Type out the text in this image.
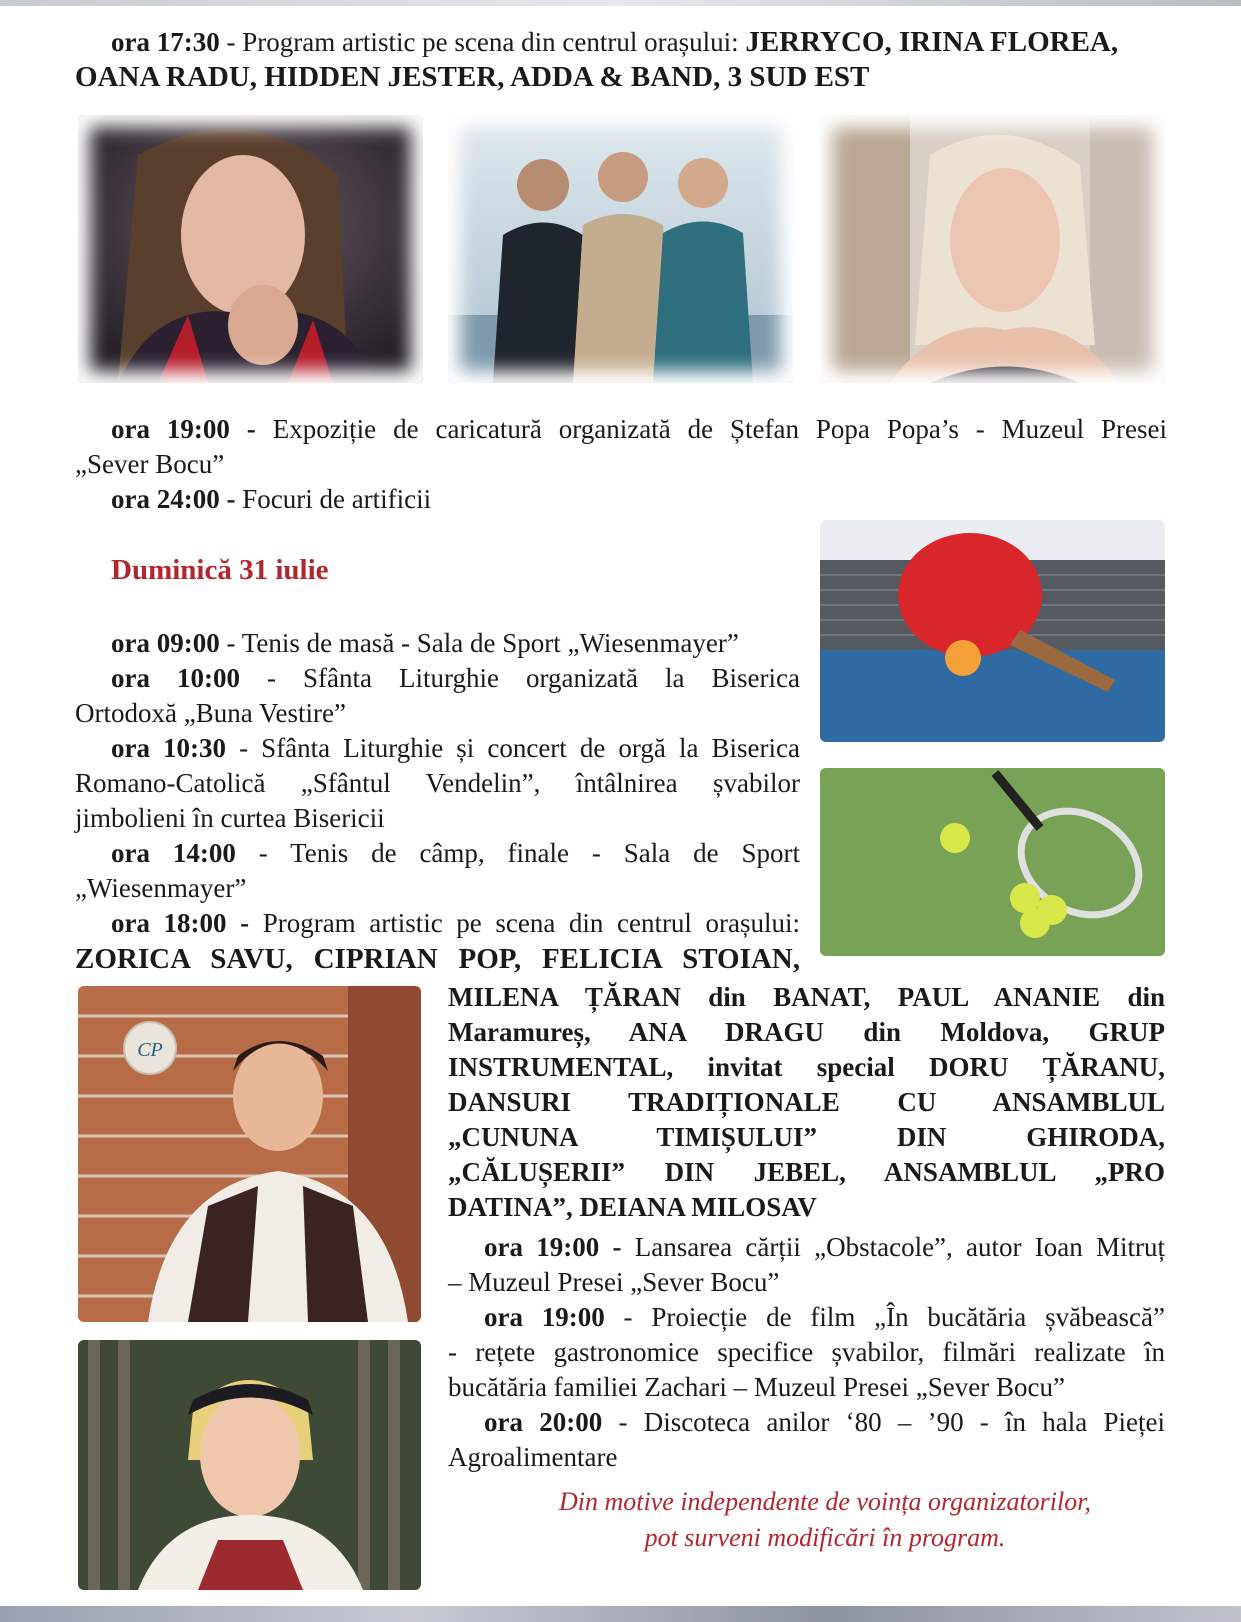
ora 17:30 - Program artistic pe scena din centrul orașului: JERRYCO, IRINA FLOREA,
OANA RADU, HIDDEN JESTER, ADDA & BAND, 3 SUD EST

ora 19:00 - Expoziție de caricatură organizată de Ștefan Popa Popa’s - Muzeul Presei

„Sever Bocu”

ora 24:00 - Focuri de artificii

Duminică 31 iulie

ora 09:00 - Tenis de masă - Sala de Sport „Wiesenmayer”

ora 10:00 - Sfânta Liturghie organizată la Biserica

Ortodoxă „Buna Vestire”

ora 10:30 - Sfânta Liturghie și concert de orgă la Biserica

Romano-Catolică „Sfântul Vendelin”, întâlnirea șvabilor

jimbolieni în curtea Bisericii

ora 14:00 - Tenis de câmp, finale - Sala de Sport

„Wiesenmayer”

ora 18:00 - Program artistic pe scena din centrul orașului:

ZORICA SAVU, CIPRIAN POP, FELICIA STOIAN,

CP

MILENA ȚĂRAN din BANAT, PAUL ANANIE din

Maramureș, ANA DRAGU din Moldova, GRUP

INSTRUMENTAL, invitat special DORU ȚĂRANU,

DANSURI TRADIȚIONALE CU ANSAMBLUL

„CUNUNA TIMIȘULUI” DIN GHIRODA,

„CĂLUȘERII” DIN JEBEL, ANSAMBLUL „PRO

DATINA”, DEIANA MILOSAV

ora 19:00 - Lansarea cărții „Obstacole”, autor Ioan Mitruț

– Muzeul Presei „Sever Bocu”

ora 19:00 - Proiecție de film „În bucătăria șvăbească”

- rețete gastronomice specifice șvabilor, filmări realizate în

bucătăria familiei Zachari – Muzeul Presei „Sever Bocu”

ora 20:00 - Discoteca anilor ‘80 – ’90 - în hala Pieței

Agroalimentare

Din motive independente de voința organizatorilor,
pot surveni modificări în program.
